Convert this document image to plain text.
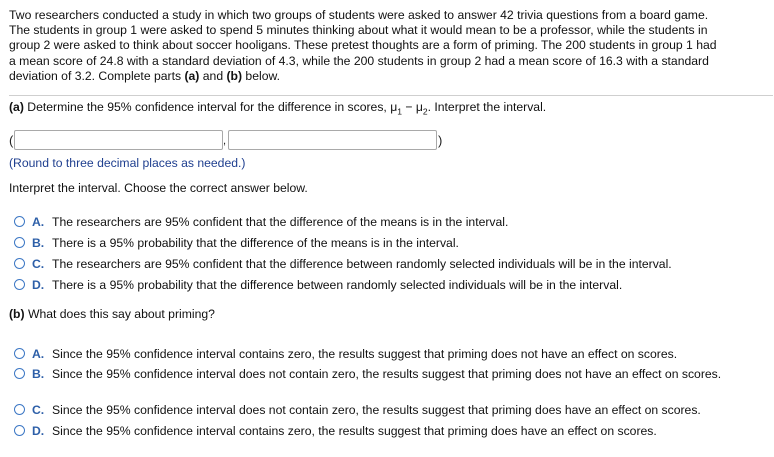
Two researchers conducted a study in which two groups of students were asked to answer 42 trivia questions from a board game.
The students in group 1 were asked to spend 5 minutes thinking about what it would mean to be a professor, while the students in
group 2 were asked to think about soccer hooligans. These pretest thoughts are a form of priming. The 200 students in group 1 had
a mean score of 24.8 with a standard deviation of 4.3, while the 200 students in group 2 had a mean score of 16.3 with a standard
deviation of 3.2. Complete parts (a) and (b) below.
(a) Determine the 95% confidence interval for the difference in scores, $\mu_1 - \mu_2$. Interpret the interval.
(	,	)
(Round to three decimal places as needed.)
Interpret the interval. Choose the correct answer below.
A. The researchers are 95% confident that the difference of the means is in the interval.
B. There is a 95% probability that the difference of the means is in the interval.
C. The researchers are 95% confident that the difference between randomly selected individuals will be in the interval.
D. There is a 95% probability that the difference between randomly selected individuals will be in the interval.
(b) What does this say about priming?
A. Since the 95% confidence interval contains zero, the results suggest that priming does not have an effect on scores.
B. Since the 95% confidence interval does not contain zero, the results suggest that priming does not have an effect on scores.
C. Since the 95% confidence interval does not contain zero, the results suggest that priming does have an effect on scores.
D. Since the 95% confidence interval contains zero, the results suggest that priming does have an effect on scores.
